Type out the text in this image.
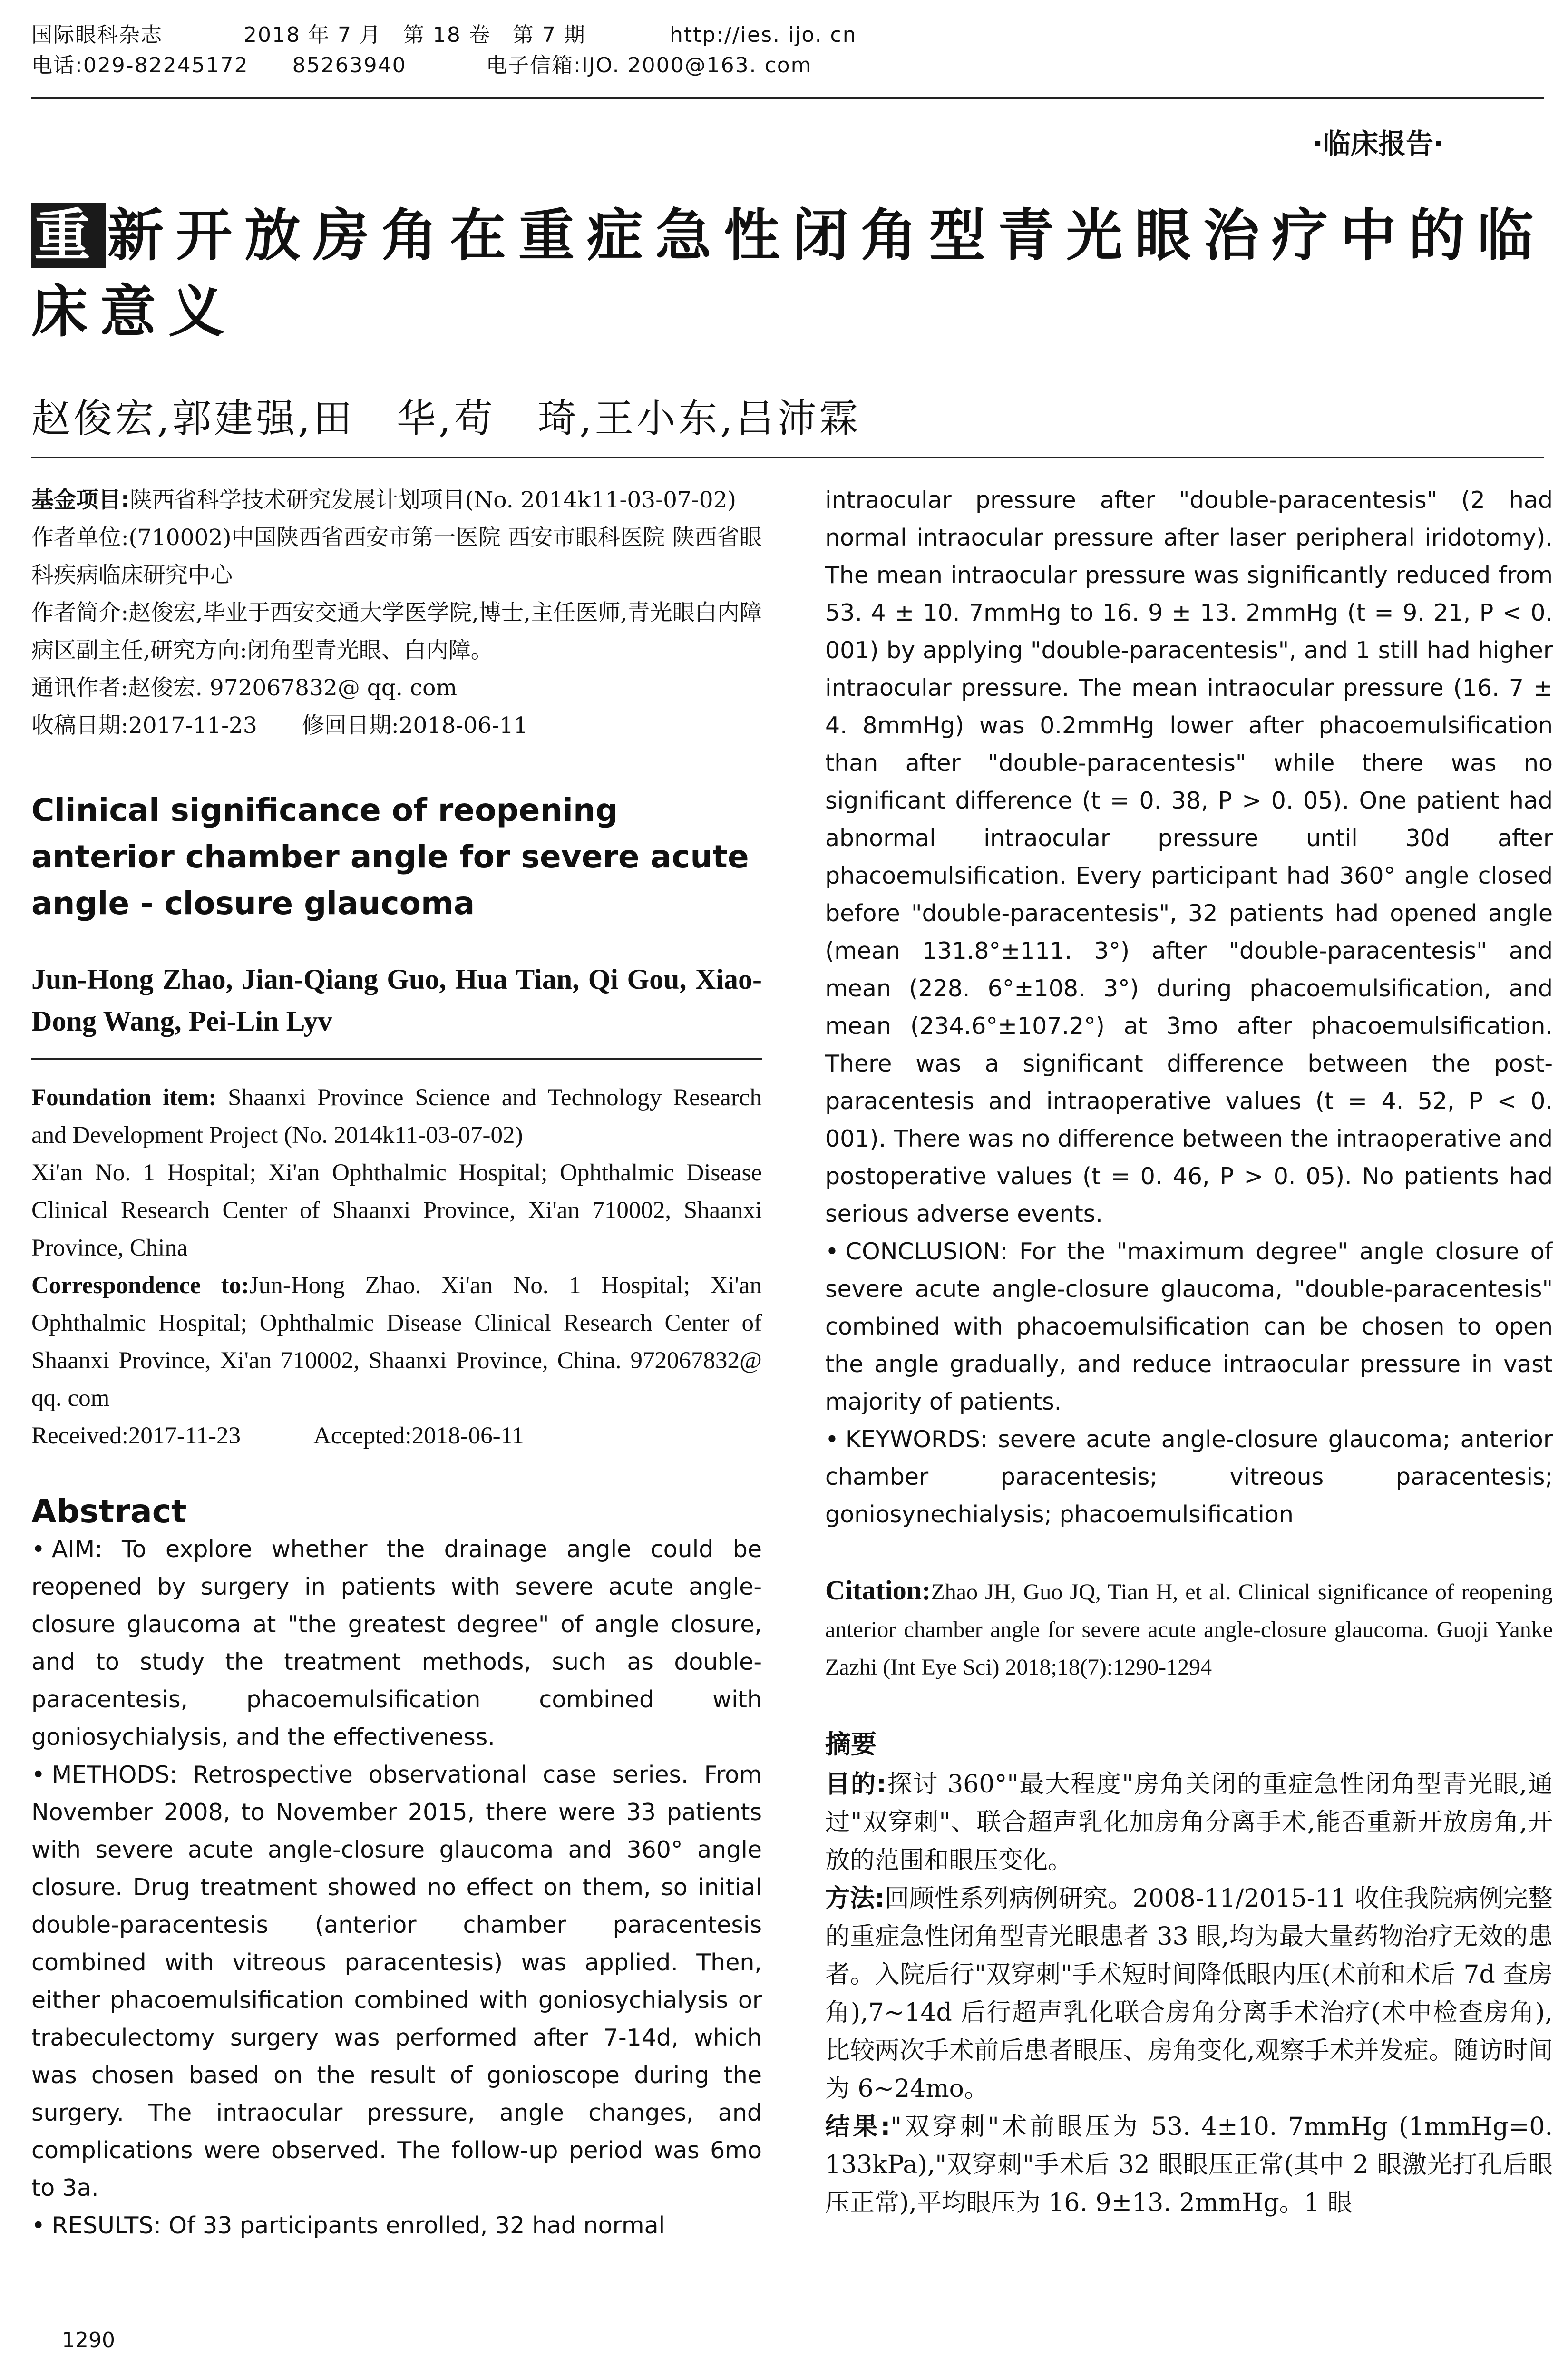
国际眼科杂志	2018 年 7 月　第 18 卷　第 7 期	http://ies. ijo. cn
电话:029-82245172　　85263940	电子信箱:IJO. 2000@163. com
·临床报告·
重新开放房角在重症急性闭角型青光眼治疗中的临床意义
赵俊宏,郭建强,田　华,苟　琦,王小东,吕沛霖

基金项目:陕西省科学技术研究发展计划项目(No. 2014k11-03-07-02)

作者单位:(710002)中国陕西省西安市第一医院 西安市眼科医院 陕西省眼科疾病临床研究中心

作者简介:赵俊宏,毕业于西安交通大学医学院,博士,主任医师,青光眼白内障病区副主任,研究方向:闭角型青光眼、白内障。

通讯作者:赵俊宏. 972067832@ qq. com

收稿日期:2017-11-23　　修回日期:2018-06-11

Clinical significance of reopening anterior chamber angle for severe acute angle - closure glaucoma
Jun-Hong Zhao, Jian-Qiang Guo, Hua Tian, Qi Gou, Xiao-Dong Wang, Pei-Lin Lyv

Foundation item: Shaanxi Province Science and Technology Research and Development Project (No. 2014k11-03-07-02)

Xi'an No. 1 Hospital; Xi'an Ophthalmic Hospital; Ophthalmic Disease Clinical Research Center of Shaanxi Province, Xi'an 710002, Shaanxi Province, China

Correspondence to:Jun-Hong Zhao. Xi'an No. 1 Hospital; Xi'an Ophthalmic Hospital; Ophthalmic Disease Clinical Research Center of Shaanxi Province, Xi'an 710002, Shaanxi Province, China. 972067832@ qq. com

Received:2017-11-23　　　Accepted:2018-06-11

Abstract

• AIM: To explore whether the drainage angle could be reopened by surgery in patients with severe acute angle-closure glaucoma at "the greatest degree" of angle closure, and to study the treatment methods, such as double-paracentesis, phacoemulsification combined with goniosychialysis, and the effectiveness.

• METHODS: Retrospective observational case series. From November 2008, to November 2015, there were 33 patients with severe acute angle-closure glaucoma and 360° angle closure. Drug treatment showed no effect on them, so initial double-paracentesis (anterior chamber paracentesis combined with vitreous paracentesis) was applied. Then, either phacoemulsification combined with goniosychialysis or trabeculectomy surgery was performed after 7-14d, which was chosen based on the result of gonioscope during the surgery. The intraocular pressure, angle changes, and complications were observed. The follow-up period was 6mo to 3a.

• RESULTS: Of 33 participants enrolled, 32 had normal

intraocular pressure after "double-paracentesis" (2 had normal intraocular pressure after laser peripheral iridotomy). The mean intraocular pressure was significantly reduced from 53. 4 ± 10. 7mmHg to 16. 9 ± 13. 2mmHg (t = 9. 21, P < 0. 001) by applying "double-paracentesis", and 1 still had higher intraocular pressure. The mean intraocular pressure (16. 7 ± 4. 8mmHg) was 0.2mmHg lower after phacoemulsification than after "double-paracentesis" while there was no significant difference (t = 0. 38, P > 0. 05). One patient had abnormal intraocular pressure until 30d after phacoemulsification. Every participant had 360° angle closed before "double-paracentesis", 32 patients had opened angle (mean 131.8°±111. 3°) after "double-paracentesis" and mean (228. 6°±108. 3°) during phacoemulsification, and mean (234.6°±107.2°) at 3mo after phacoemulsification. There was a significant difference between the post-paracentesis and intraoperative values (t = 4. 52, P < 0. 001). There was no difference between the intraoperative and postoperative values (t = 0. 46, P > 0. 05). No patients had serious adverse events.

• CONCLUSION: For the "maximum degree" angle closure of severe acute angle-closure glaucoma, "double-paracentesis" combined with phacoemulsification can be chosen to open the angle gradually, and reduce intraocular pressure in vast majority of patients.

• KEYWORDS: severe acute angle-closure glaucoma; anterior chamber paracentesis; vitreous paracentesis; goniosynechialysis; phacoemulsification

Citation:Zhao JH, Guo JQ, Tian H, et al. Clinical significance of reopening anterior chamber angle for severe acute angle-closure glaucoma. Guoji Yanke Zazhi (Int Eye Sci) 2018;18(7):1290-1294
摘要

目的:探讨 360°"最大程度"房角关闭的重症急性闭角型青光眼,通过"双穿刺"、联合超声乳化加房角分离手术,能否重新开放房角,开放的范围和眼压变化。

方法:回顾性系列病例研究。2008-11/2015-11 收住我院病例完整的重症急性闭角型青光眼患者 33 眼,均为最大量药物治疗无效的患者。入院后行"双穿刺"手术短时间降低眼内压(术前和术后 7d 查房角),7~14d 后行超声乳化联合房角分离手术治疗(术中检查房角),比较两次手术前后患者眼压、房角变化,观察手术并发症。随访时间为 6~24mo。

结果:"双穿刺"术前眼压为 53. 4±10. 7mmHg (1mmHg=0. 133kPa),"双穿刺"手术后 32 眼眼压正常(其中 2 眼激光打孔后眼压正常),平均眼压为 16. 9±13. 2mmHg。1 眼

1290
